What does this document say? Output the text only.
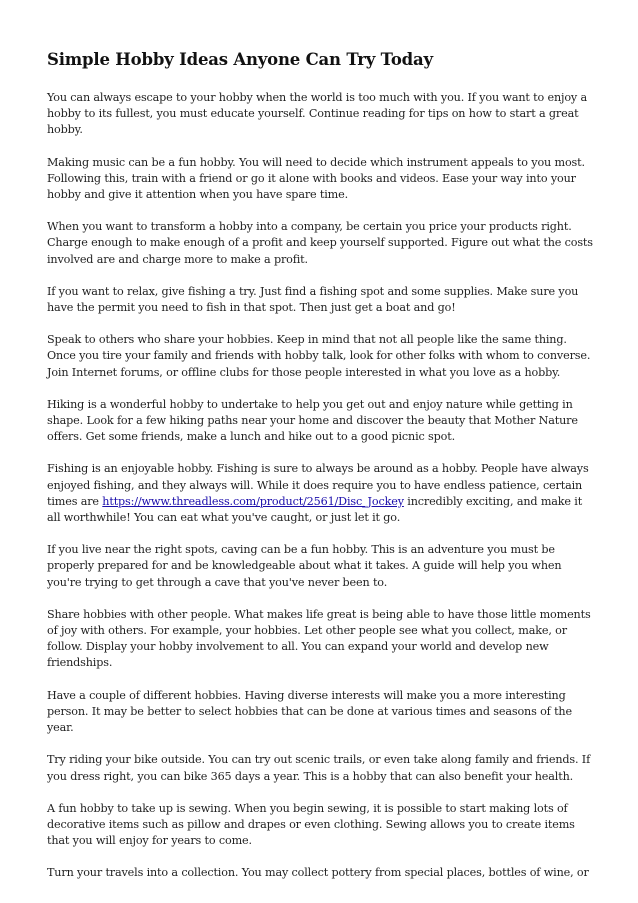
Simple Hobby Ideas Anyone Can Try Today

You can always escape to your hobby when the world is too much with you. If you want to enjoy a hobby to its fullest, you must educate yourself. Continue reading for tips on how to start a great hobby.

Making music can be a fun hobby. You will need to decide which instrument appeals to you most. Following this, train with a friend or go it alone with books and videos. Ease your way into your hobby and give it attention when you have spare time.

When you want to transform a hobby into a company, be certain you price your products right. Charge enough to make enough of a profit and keep yourself supported. Figure out what the costs involved are and charge more to make a profit.

If you want to relax, give fishing a try. Just find a fishing spot and some supplies. Make sure you have the permit you need to fish in that spot. Then just get a boat and go!

Speak to others who share your hobbies. Keep in mind that not all people like the same thing. Once you tire your family and friends with hobby talk, look for other folks with whom to converse. Join Internet forums, or offline clubs for those people interested in what you love as a hobby.

Hiking is a wonderful hobby to undertake to help you get out and enjoy nature while getting in shape. Look for a few hiking paths near your home and discover the beauty that Mother Nature offers. Get some friends, make a lunch and hike out to a good picnic spot.

Fishing is an enjoyable hobby. Fishing is sure to always be around as a hobby. People have always enjoyed fishing, and they always will. While it does require you to have endless patience, certain times are https://www.threadless.com/product/2561/Disc_Jockey incredibly exciting, and make it all worthwhile! You can eat what you've caught, or just let it go.

If you live near the right spots, caving can be a fun hobby. This is an adventure you must be properly prepared for and be knowledgeable about what it takes. A guide will help you when you're trying to get through a cave that you've never been to.

Share hobbies with other people. What makes life great is being able to have those little moments of joy with others. For example, your hobbies. Let other people see what you collect, make, or follow. Display your hobby involvement to all. You can expand your world and develop new friendships.

Have a couple of different hobbies. Having diverse interests will make you a more interesting person. It may be better to select hobbies that can be done at various times and seasons of the year.

Try riding your bike outside. You can try out scenic trails, or even take along family and friends. If you dress right, you can bike 365 days a year. This is a hobby that can also benefit your health.

A fun hobby to take up is sewing. When you begin sewing, it is possible to start making lots of decorative items such as pillow and drapes or even clothing. Sewing allows you to create items that you will enjoy for years to come.

Turn your travels into a collection. You may collect pottery from special places, bottles of wine, or
